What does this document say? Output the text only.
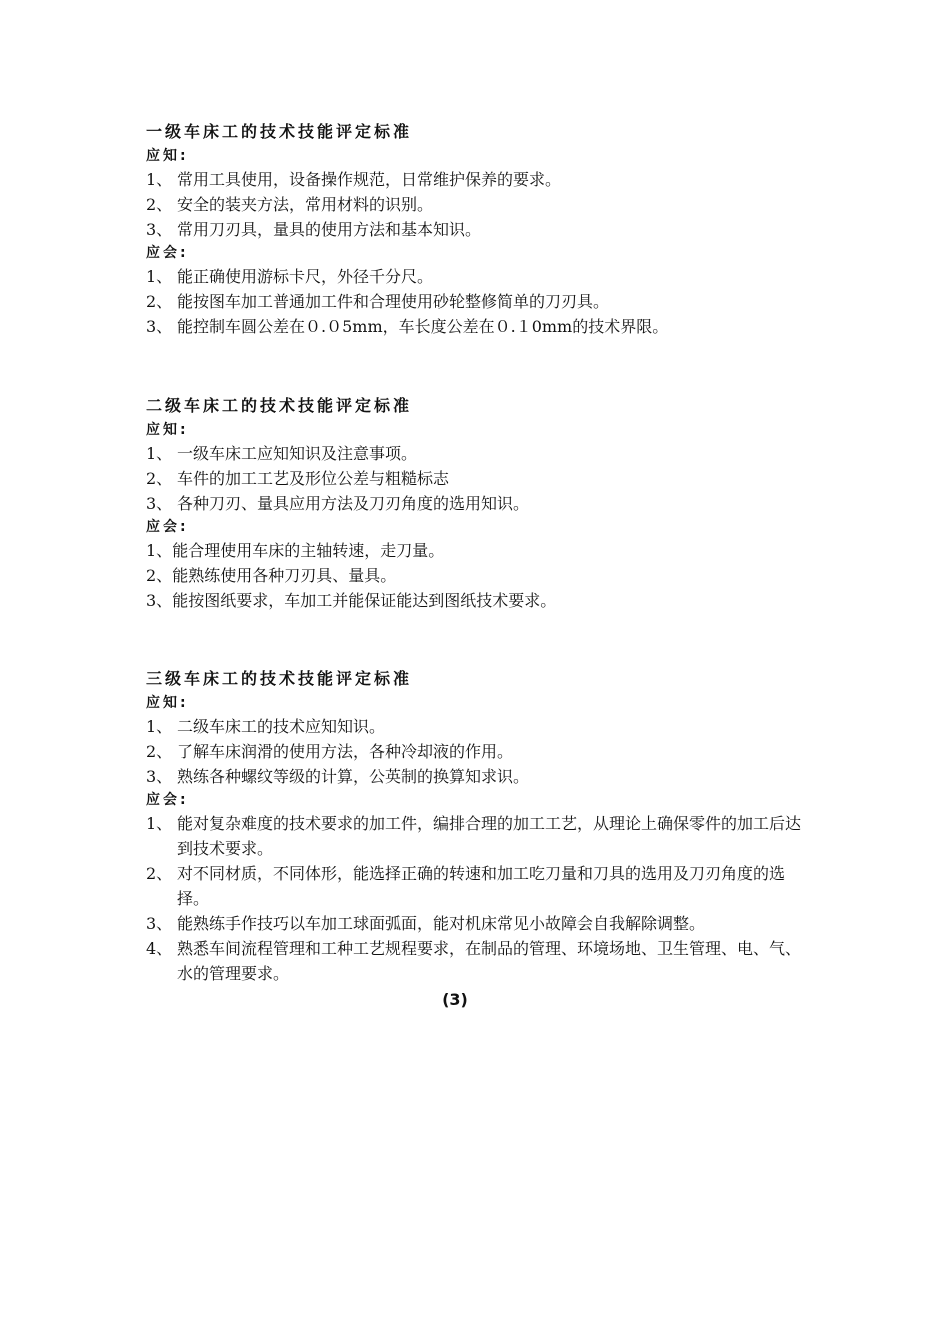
一级车床工的技术技能评定标准
应知:
1、 常用工具使用，设备操作规范，日常维护保养的要求。
2、 安全的装夹方法，常用材料的识别。
3、 常用刀刃具，量具的使用方法和基本知识。
应会:
1、 能正确使用游标卡尺，外径千分尺。
2、 能按图车加工普通加工件和合理使用砂轮整修简单的刀刃具。
3、 能控制车圆公差在０.０5mm，车长度公差在０.１0mm的技术界限。
二级车床工的技术技能评定标准
应知:
1、 一级车床工应知知识及注意事项。
2、 车件的加工工艺及形位公差与粗糙标志
3、 各种刀刃、量具应用方法及刀刃角度的选用知识。
应会:
1、 能合理使用车床的主轴转速，走刀量。
2、 能熟练使用各种刀刃具、量具。
3、 能按图纸要求，车加工并能保证能达到图纸技术要求。
三级车床工的技术技能评定标准
应知:
1、 二级车床工的技术应知知识。
2、 了解车床润滑的使用方法，各种冷却液的作用。
3、 熟练各种螺纹等级的计算，公英制的换算知求识。
应会:
1、 能对复杂难度的技术要求的加工件，编排合理的加工工艺，从理论上确保零件的加工后达到技术要求。
2、 对不同材质，不同体形，能选择正确的转速和加工吃刀量和刀具的选用及刀刃角度的选择。
3、 能熟练手作技巧以车加工球面弧面，能对机床常见小故障会自我解除调整。
4、 熟悉车间流程管理和工种工艺规程要求，在制品的管理、环境场地、卫生管理、电、气、水的管理要求。
(3)
